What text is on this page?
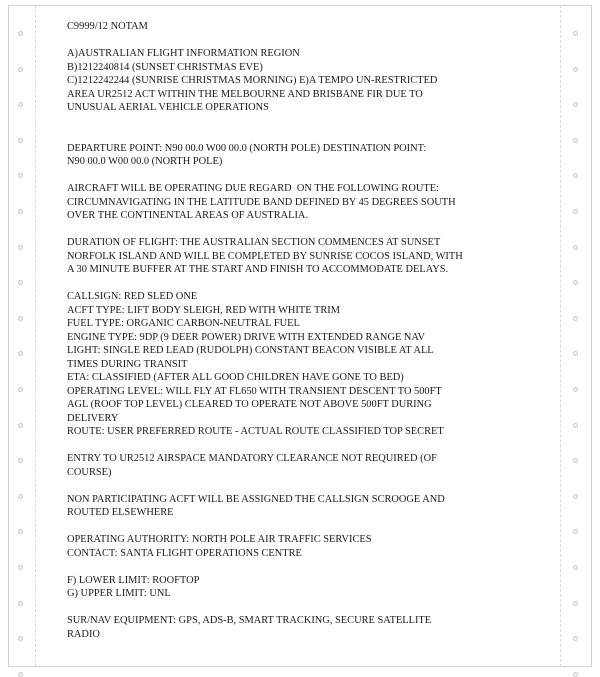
C9999/12 NOTAM
A)AUSTRALIAN FLIGHT INFORMATION REGION
B)1212240814 (SUNSET CHRISTMAS EVE)
C)1212242244 (SUNRISE CHRISTMAS MORNING) E)A TEMPO UN-RESTRICTED
AREA UR2512 ACT WITHIN THE MELBOURNE AND BRISBANE FIR DUE TO
UNUSUAL AERIAL VEHICLE OPERATIONS
DEPARTURE POINT: N90 00.0 W00 00.0 (NORTH POLE) DESTINATION POINT:
N90 00.0 W00 00.0 (NORTH POLE)
AIRCRAFT WILL BE OPERATING DUE REGARD  ON THE FOLLOWING ROUTE:
CIRCUMNAVIGATING IN THE LATITUDE BAND DEFINED BY 45 DEGREES SOUTH
OVER THE CONTINENTAL AREAS OF AUSTRALIA.
DURATION OF FLIGHT: THE AUSTRALIAN SECTION COMMENCES AT SUNSET
NORFOLK ISLAND AND WILL BE COMPLETED BY SUNRISE COCOS ISLAND, WITH
A 30 MINUTE BUFFER AT THE START AND FINISH TO ACCOMMODATE DELAYS.
CALLSIGN: RED SLED ONE
ACFT TYPE: LIFT BODY SLEIGH, RED WITH WHITE TRIM
FUEL TYPE: ORGANIC CARBON-NEUTRAL FUEL
ENGINE TYPE: 9DP (9 DEER POWER) DRIVE WITH EXTENDED RANGE NAV
LIGHT: SINGLE RED LEAD (RUDOLPH) CONSTANT BEACON VISIBLE AT ALL
TIMES DURING TRANSIT
ETA: CLASSIFIED (AFTER ALL GOOD CHILDREN HAVE GONE TO BED)
OPERATING LEVEL: WILL FLY AT FL650 WITH TRANSIENT DESCENT TO 500FT
AGL (ROOF TOP LEVEL) CLEARED TO OPERATE NOT ABOVE 500FT DURING
DELIVERY
ROUTE: USER PREFERRED ROUTE - ACTUAL ROUTE CLASSIFIED TOP SECRET
ENTRY TO UR2512 AIRSPACE MANDATORY CLEARANCE NOT REQUIRED (OF
COURSE)
NON PARTICIPATING ACFT WILL BE ASSIGNED THE CALLSIGN SCROOGE AND
ROUTED ELSEWHERE
OPERATING AUTHORITY: NORTH POLE AIR TRAFFIC SERVICES
CONTACT: SANTA FLIGHT OPERATIONS CENTRE
F) LOWER LIMIT: ROOFTOP
G) UPPER LIMIT: UNL
SUR/NAV EQUIPMENT: GPS, ADS-B, SMART TRACKING, SECURE SATELLITE
RADIO
